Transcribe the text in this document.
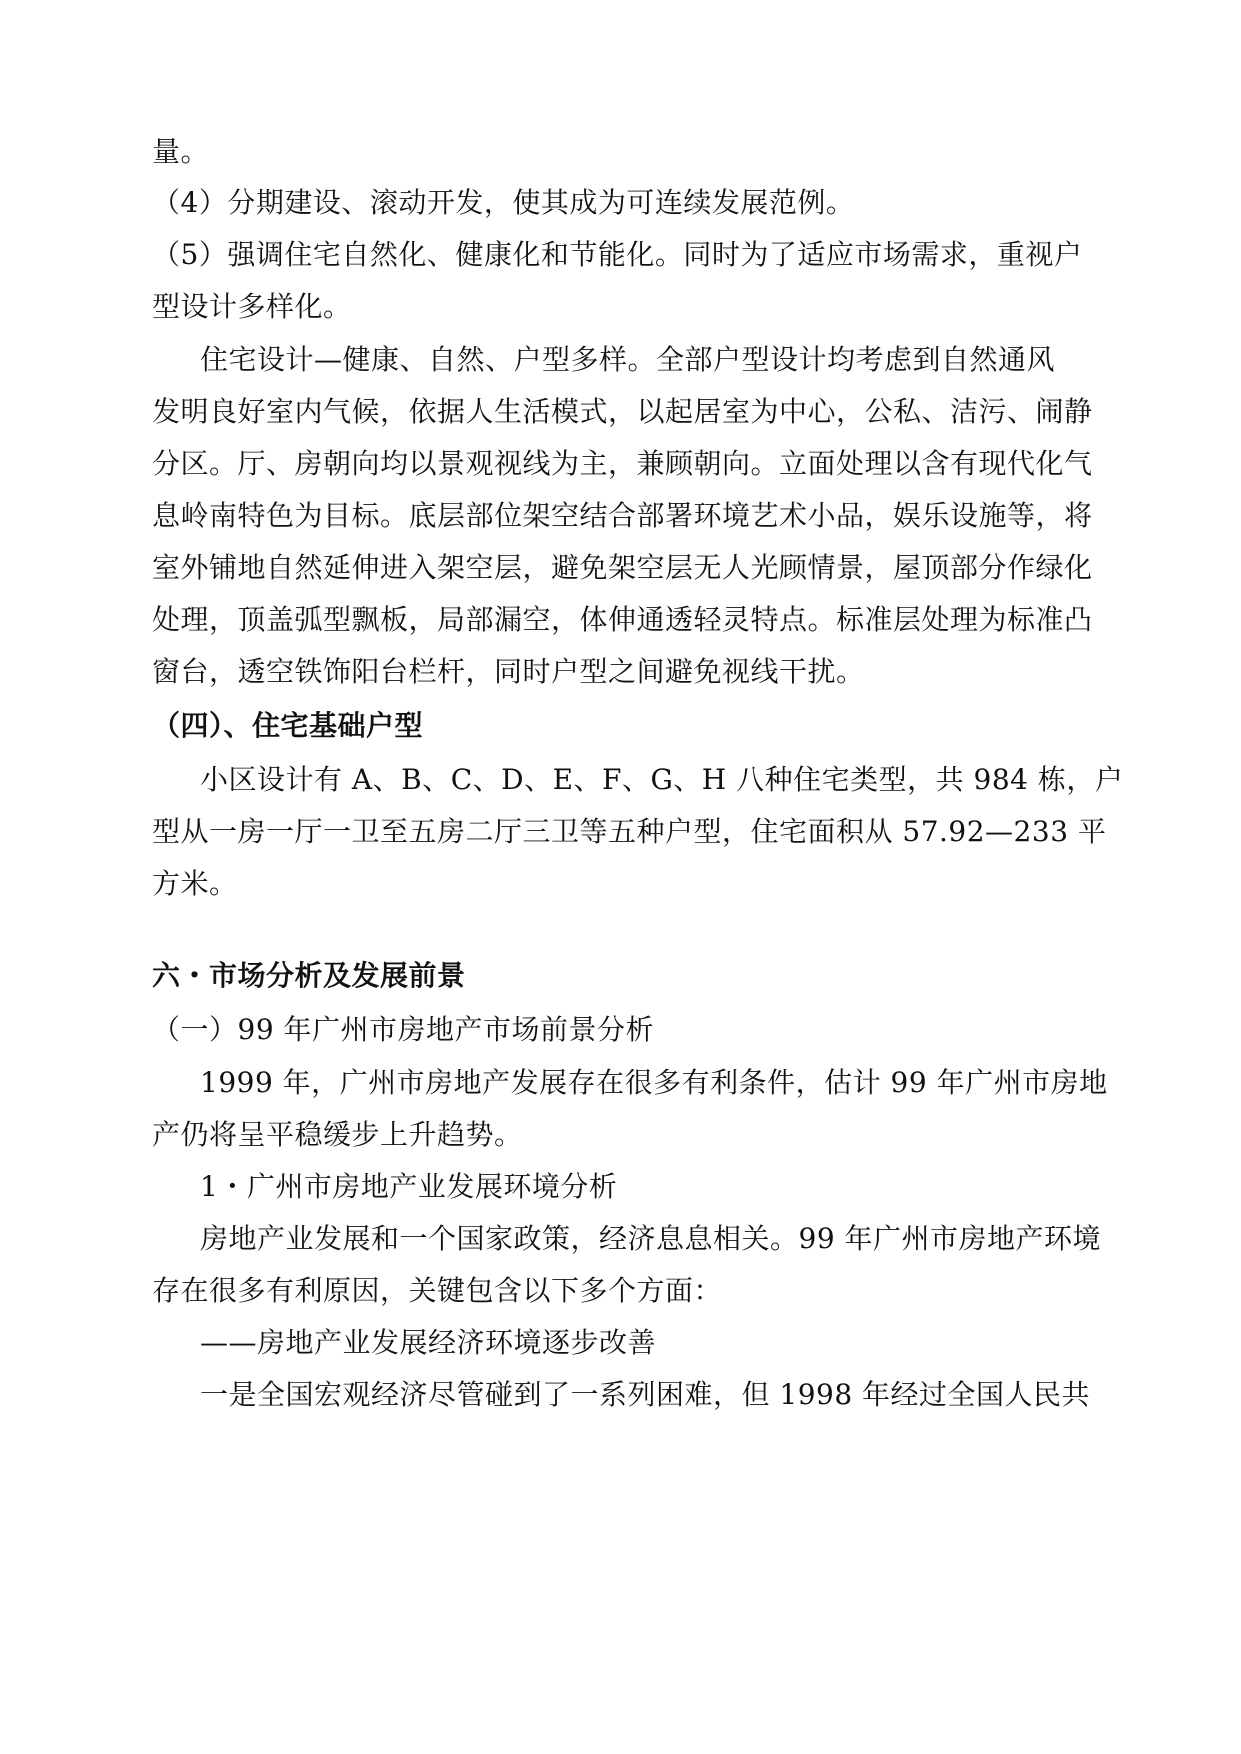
量。
（4）分期建设、滚动开发，使其成为可连续发展范例。
（5）强调住宅自然化、健康化和节能化。同时为了适应市场需求，重视户
型设计多样化。
住宅设计—健康、自然、户型多样。全部户型设计均考虑到自然通风
发明良好室内气候，依据人生活模式，以起居室为中心，公私、洁污、闹静
分区。厅、房朝向均以景观视线为主，兼顾朝向。立面处理以含有现代化气
息岭南特色为目标。底层部位架空结合部署环境艺术小品，娱乐设施等，将
室外铺地自然延伸进入架空层，避免架空层无人光顾情景，屋顶部分作绿化
处理，顶盖弧型飘板，局部漏空，体伸通透轻灵特点。标准层处理为标准凸
窗台，透空铁饰阳台栏杆，同时户型之间避免视线干扰。
（四）、住宅基础户型
小区设计有 A、B、C、D、E、F、G、H 八种住宅类型，共 984 栋，户
型从一房一厅一卫至五房二厅三卫等五种户型，住宅面积从 57.92—233 平
方米。
六・市场分析及发展前景
（一）99 年广州市房地产市场前景分析
1999 年，广州市房地产发展存在很多有利条件，估计 99 年广州市房地
产仍将呈平稳缓步上升趋势。
1・广州市房地产业发展环境分析
房地产业发展和一个国家政策，经济息息相关。99 年广州市房地产环境
存在很多有利原因，关键包含以下多个方面：
——房地产业发展经济环境逐步改善
一是全国宏观经济尽管碰到了一系列困难，但 1998 年经过全国人民共
